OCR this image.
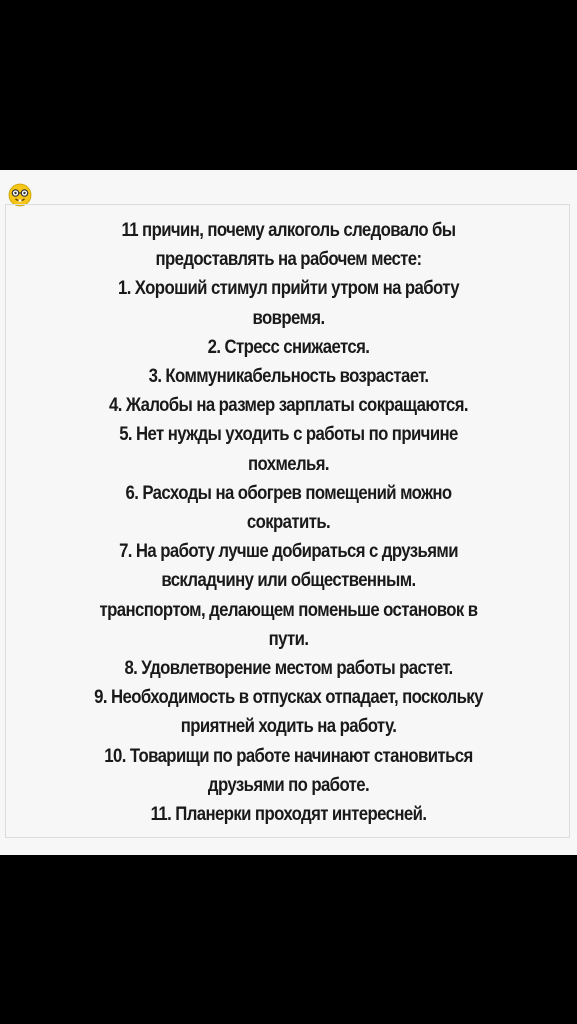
11 причин, почему алкоголь следовало бы
предоставлять на рабочем месте:
1. Хороший стимул прийти утром на работу
вовремя.
2. Стресс снижается.
3. Коммуникабельность возрастает.
4. Жалобы на размер зарплаты сокращаются.
5. Нет нужды уходить с работы по причине
похмелья.
6. Расходы на обогрев помещений можно
сократить.
7. На работу лучше добираться с друзьями
вскладчину или общественным.
транспортом, делающем поменьше остановок в
пути.
8. Удовлетворение местом работы растет.
9. Необходимость в отпусках отпадает, поскольку
приятней ходить на работу.
10. Товарищи по работе начинают становиться
друзьями по работе.
11. Планерки проходят интересней.
